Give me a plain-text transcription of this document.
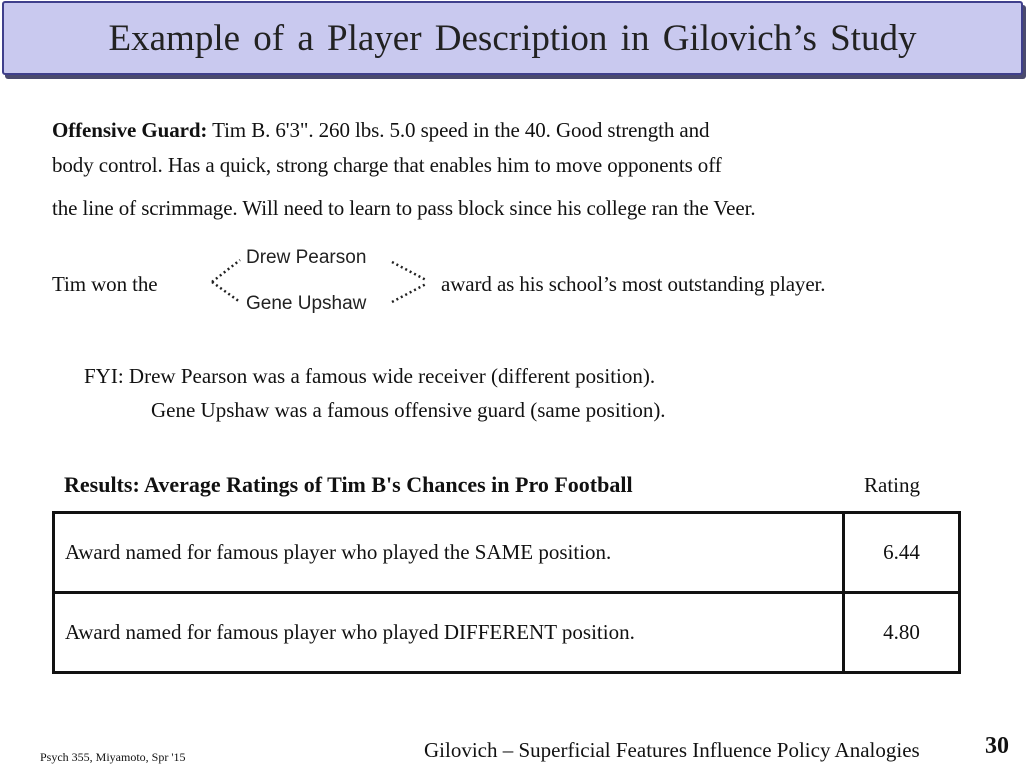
Example of a Player Description in Gilovich’s Study
Offensive Guard: Tim B. 6'3". 260 lbs. 5.0 speed in the 40. Good strength and
body control. Has a quick, strong charge that enables him to move opponents off
the line of scrimmage. Will need to learn to pass block since his college ran the Veer.
Tim won the
Drew Pearson
Gene Upshaw
award as his school’s most outstanding player.
FYI: Drew Pearson was a famous wide receiver (different position).
Gene Upshaw was a famous offensive guard (same position).
Results: Average Ratings of Tim B's Chances in Pro Football	Rating
Award named for famous player who played the SAME position.	6.44
Award named for famous player who played DIFFERENT position.	4.80
Psych 355, Miyamoto, Spr '15	Gilovich – Superficial Features Influence Policy Analogies	30
